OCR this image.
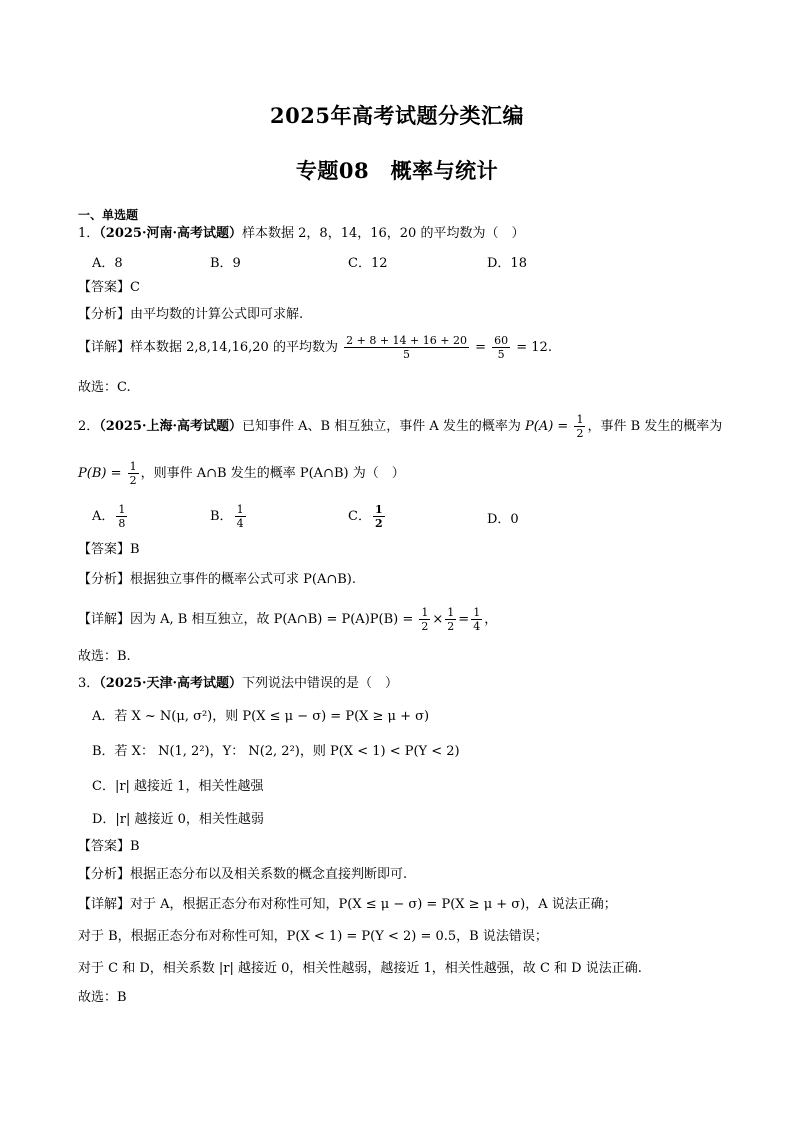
2025年高考试题分类汇编
专题08　概率与统计
一、单选题
1．（2025·河南·高考试题）样本数据 2，8，14，16，20 的平均数为（　）
A．8	B．9	C．12	D．18
【答案】C
【分析】由平均数的计算公式即可求解.
【详解】样本数据 2,8,14,16,20 的平均数为 $\frac{2 + 8 + 14 + 16 + 20}{5} = \frac{60}{5} = 12$.
故选：C.
2．（2025·上海·高考试题）已知事件 A、B 相互独立，事件 A 发生的概率为 $P(A) = \frac{1}{2}$ ，事件 B 发生的概率为
$P(B) = \frac{1}{2}$ ，则事件 A∩B 发生的概率 P(A∩B) 为（　）
A． $\frac{1}{8}$	B． $\frac{1}{4}$	C． $\frac{1}{2}$	D．0
【答案】B
【分析】根据独立事件的概率公式可求 P(A∩B).
【详解】因为 A, B 相互独立，故 P(A∩B) = $P(A)P(B) = \frac{1}{2} \times \frac{1}{2} = \frac{1}{4}$ ，
故选：B.
3．（2025·天津·高考试题）下列说法中错误的是（　）
A．若 X ~ N(μ, σ²)，则 P(X ≤ μ − σ) = P(X ≥ μ + σ)
B．若 X： N(1, 2²)，Y： N(2, 2²)，则 P(X < 1) < P(Y < 2)
C．|r| 越接近 1，相关性越强
D．|r| 越接近 0，相关性越弱
【答案】B
【分析】根据正态分布以及相关系数的概念直接判断即可.
【详解】对于 A，根据正态分布对称性可知，P(X ≤ μ − σ) = P(X ≥ μ + σ)，A 说法正确；
对于 B，根据正态分布对称性可知，P(X < 1) = P(Y < 2) = 0.5，B 说法错误；
对于 C 和 D，相关系数 |r| 越接近 0，相关性越弱，越接近 1，相关性越强，故 C 和 D 说法正确.
故选：B
